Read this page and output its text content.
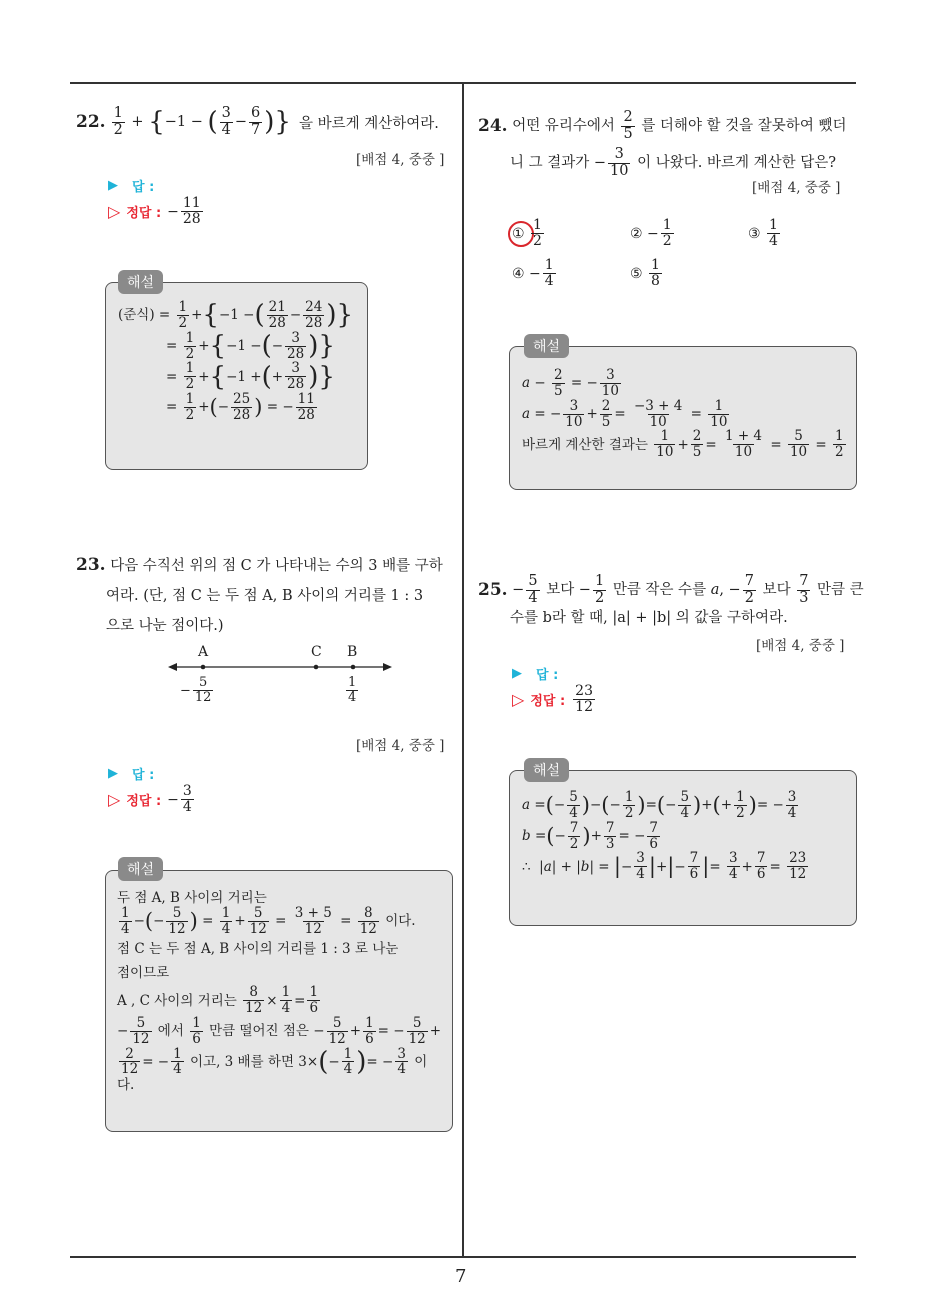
7
22. $\frac{1}{2}$ + { −1 − ( $\frac{3}{4} - \frac{6}{7}$ ) } 을 바르게 계산하여라.
[배점 4, 중중 ]
▶ 답 :
▷ 정답 : − $\frac{11}{28}$
해설
(준식) = $\frac{1}{2}$ + { −1 − ( $\frac{21}{28} - \frac{24}{28}$ ) }
= $\frac{1}{2}$ + { −1 − ( − $\frac{3}{28}$ ) }
= $\frac{1}{2}$ + { −1 + ( + $\frac{3}{28}$ ) }
= $\frac{1}{2}$ + ( − $\frac{25}{28}$ ) = − $\frac{11}{28}$
23. 다음 수직선 위의 점 C 가 나타내는 수의 3 배를 구하
여라. (단, 점 C 는 두 점 A, B 사이의 거리를 1 : 3
으로 나눈 점이다.)
A	C B
− $\frac{5}{12}$	$\frac{1}{4}$
[배점 4, 중중 ]
▶ 답 :
▷ 정답 : − $\frac{3}{4}$
해설
두 점 A, B 사이의 거리는
$\frac{1}{4}$ − ( − $\frac{5}{12}$ ) = $\frac{1}{4} + \frac{5}{12} = \frac{3 + 5}{12} = \frac{8}{12}$
이다.
점 C 는 두 점 A, B 사이의 거리를 1 : 3 로 나눈
점이므로
A , C 사이의 거리는
$\frac{8}{12} \times \frac{1}{4} = \frac{1}{6}$
− $\frac{5}{12}$
에서
$\frac{1}{6}$
만큼 떨어진 점은 − $\frac{5}{12} + \frac{1}{6}$ = − $\frac{5}{12}$ +
$\frac{2}{12}$ = − $\frac{1}{4}$
이고, 3 배를 하면 3× ( − $\frac{1}{4}$ ) = − $\frac{3}{4}$
이
다.
24.
어떤 유리수에서
$\frac{2}{5}$
를 더해야 할 것을 잘못하여 뺐더
니 그 결과가 − $\frac{3}{10}$
이 나왔다. 바르게 계산한 답은?
[배점 4, 중중 ]
①
$\frac{1}{2}$	② − $\frac{1}{2}$	③
$\frac{1}{4}$
④ − $\frac{1}{4}$	⑤
$\frac{1}{8}$
해설
$a - \frac{2}{5}$ = − $\frac{3}{10}$
a = − $\frac{3}{10} + \frac{2}{5} = \frac{-3 + 4}{10} = \frac{1}{10}$
바르게 계산한 결과는
$\frac{1}{10} + \frac{2}{5} = \frac{1 + 4}{10} = \frac{5}{10} = \frac{1}{2}$
25. − $\frac{5}{4}$
보다 − $\frac{1}{2}$
만큼 작은 수를
a , − $\frac{7}{2}$
보다
$\frac{7}{3}$
만큼 큰
수를 b라 할 때, |a| + |b| 의 값을 구하여라.
[배점 4, 중중 ]
▶ 답 :
▷ 정답 : $\frac{23}{12}$
해설
a = ( − $\frac{5}{4}$ ) − ( − $\frac{1}{2}$ ) = ( − $\frac{5}{4}$ ) + ( + $\frac{1}{2}$ ) = − $\frac{3}{4}$
b = ( − $\frac{7}{2}$ ) + $\frac{7}{3}$ = − $\frac{7}{6}$
∴  | a | + | b | = | − $\frac{3}{4}$ | + | − $\frac{7}{6}$ | = $\frac{3}{4} + \frac{7}{6} = \frac{23}{12}$
